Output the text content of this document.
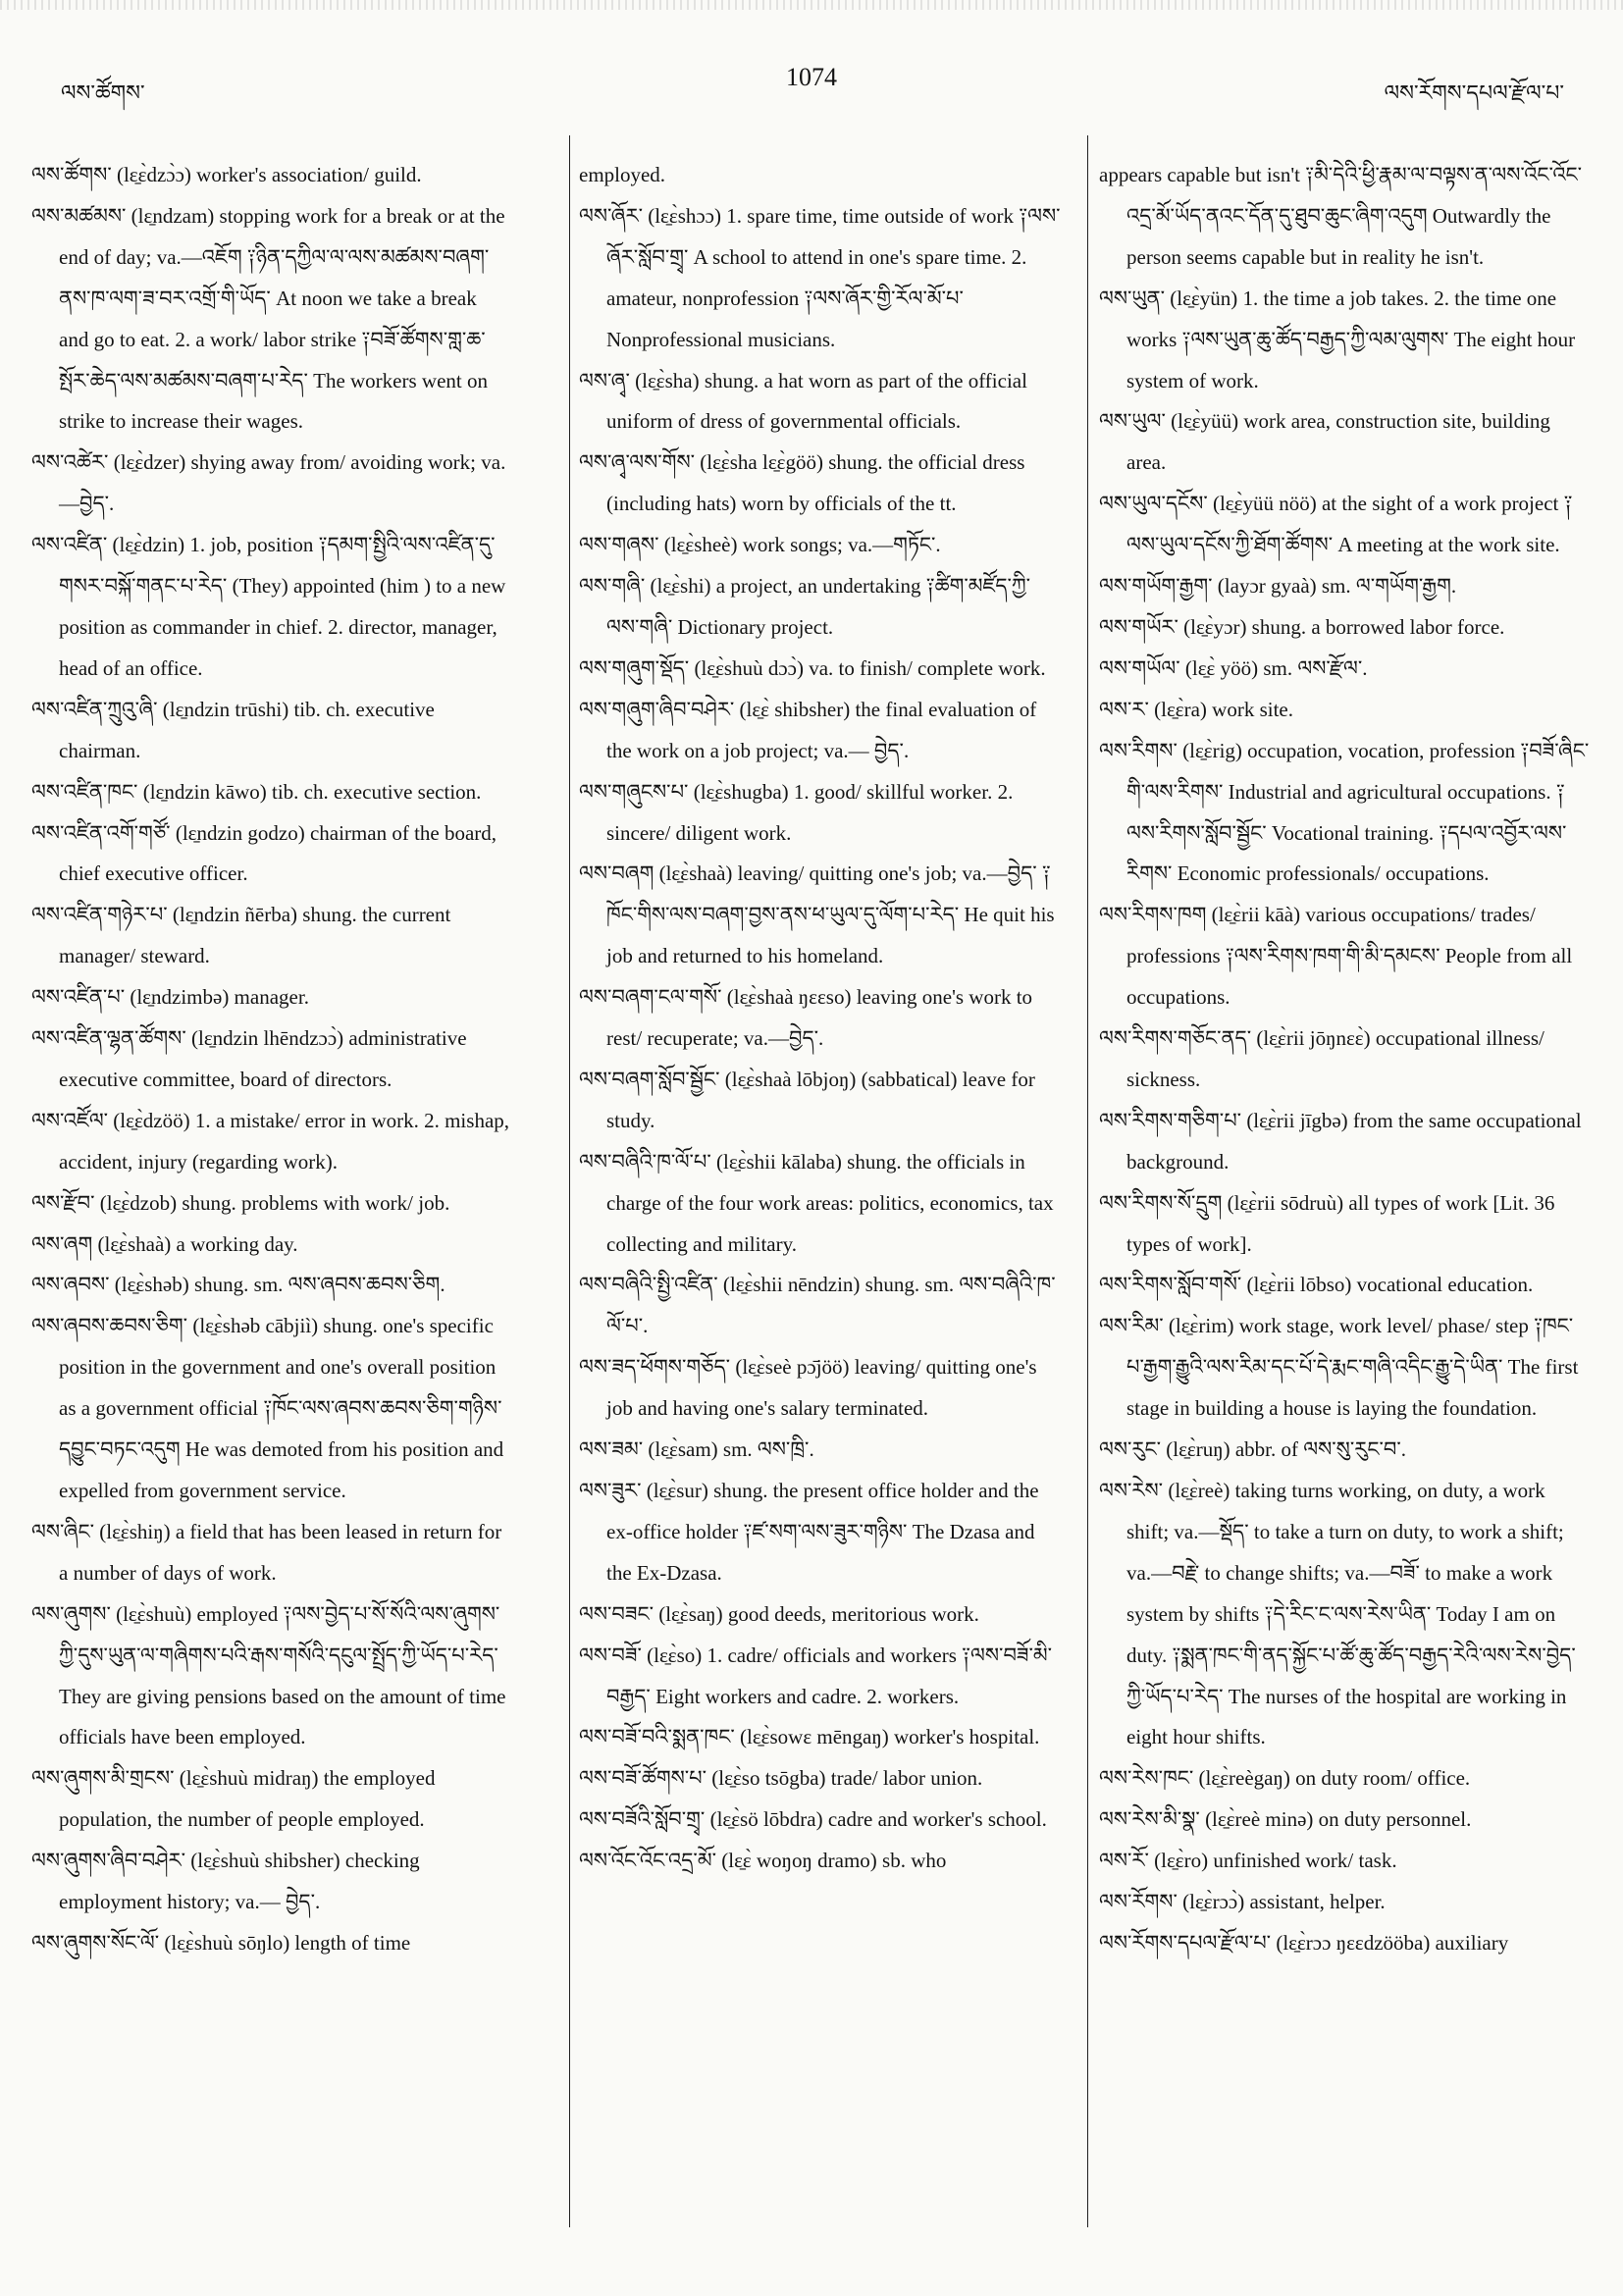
ལས་ཚོགས་
1074
ལས་རོགས་དཔལ་རྫོལ་པ་

ལས་ཚོགས་ (lɛ̱ɛ̀dzɔ̀ɔ) worker's association/ guild.

ལས་མཚམས་ (lɛ̱ndzam) stopping work for a break or at the end of day; va.—འཇོག ༑ཉིན་དཀྱིལ་ལ་ལས་མཚམས་བཞག་ནས་ཁ་ལག་ཟ་བར་འགྲོ་གི་ཡོད་ At noon we take a break and go to eat. 2. a work/ labor strike ༑བཟོ་ཚོགས་གླ་ཆ་སྤོར་ཆེད་ལས་མཚམས་བཞག་པ་རེད་ The workers went on strike to increase their wages.

ལས་འཚེར་ (lɛ̱ɛ̀dzer) shying away from/ avoiding work; va.—བྱེད་.

ལས་འཛིན་ (lɛ̱ɛ̀dzin) 1. job, position ༑དམག་སྤྱིའི་ལས་འཛིན་དུ་གསར་བསྐོ་གནང་པ་རེད་ (They) appointed (him ) to a new position as commander in chief. 2. director, manager, head of an office.

ལས་འཛིན་ཀྲུའུ་ཞི་ (lɛ̱ndzin trūshi) tib. ch. executive chairman.

ལས་འཛིན་ཁང་ (lɛ̱ndzin kāwo) tib. ch. executive section.

ལས་འཛིན་འགོ་གཙོ་ (lɛ̱ndzin godzo) chairman of the board, chief executive officer.

ལས་འཛིན་གཉེར་པ་ (lɛ̱ndzin ñērba) shung. the current manager/ steward.

ལས་འཛིན་པ་ (lɛ̱ndzimbə) manager.

ལས་འཛིན་ལྷན་ཚོགས་ (lɛ̱ndzin lhēndzɔɔ̀) administrative executive committee, board of directors.

ལས་འཛོལ་ (lɛ̱ɛ̀dzöö) 1. a mistake/ error in work. 2. mishap, accident, injury (regarding work).

ལས་རྫོབ་ (lɛ̱ɛ̀dzob) shung. problems with work/ job.

ལས་ཞག (lɛ̱ɛ̀shaà) a working day.

ལས་ཞབས་ (lɛ̱ɛ̀shəb) shung. sm. ལས་ཞབས་ཆབས་ཅིག.

ལས་ཞབས་ཆབས་ཅིག་ (lɛ̱ɛ̀shəb cābjiì) shung. one's specific position in the government and one's overall position as a government official ༑ཁོང་ལས་ཞབས་ཆབས་ཅིག་གཉིས་དབྱུང་བཏང་འདུག He was demoted from his position and expelled from government service.

ལས་ཞིང་ (lɛ̱ɛ̀shiŋ) a field that has been leased in return for a number of days of work.

ལས་ཞུགས་ (lɛ̱ɛ̀shuù) employed ༑ལས་བྱེད་པ་སོ་སོའི་ལས་ཞུགས་ཀྱི་དུས་ཡུན་ལ་གཞིགས་པའི་རྒས་གསོའི་དངུལ་སྤྲོད་ཀྱི་ཡོད་པ་རེད་ They are giving pensions based on the amount of time officials have been employed.

ལས་ཞུགས་མི་གྲངས་ (lɛ̱ɛ̀shuù midraŋ) the employed population, the number of people employed.

ལས་ཞུགས་ཞིབ་བཤེར་ (lɛ̱ɛ̀shuù shibsher) checking employment history; va.— བྱེད་.

ལས་ཞུགས་སོང་ལོ་ (lɛ̱ɛ̀shuù sōŋlo) length of time

employed.

ལས་ཞོར་ (lɛ̱ɛ̀shɔɔ) 1. spare time, time outside of work ༑ལས་ཞོར་སློབ་གྲྭ་ A school to attend in one's spare time. 2. amateur, nonprofession ༑ལས་ཞོར་གྱི་རོལ་མོ་པ་ Nonprofessional musicians.

ལས་ཞྭ་ (lɛ̱ɛ̀sha) shung. a hat worn as part of the official uniform of dress of governmental officials.

ལས་ཞྭ་ལས་གོས་ (lɛ̱ɛ̀sha lɛ̱ɛ̀göö) shung. the official dress (including hats) worn by officials of the tt.

ལས་གཞས་ (lɛ̱ɛ̀sheè) work songs; va.—གཏོང་.

ལས་གཞི་ (lɛ̱ɛ̀shi) a project, an undertaking ༑ཚིག་མཛོད་ཀྱི་ལས་གཞི་ Dictionary project.

ལས་གཞུག་སྡོད་ (lɛ̱ɛ̀shuù dɔɔ̀) va. to finish/ complete work.

ལས་གཞུག་ཞིབ་བཤེར་ (lɛ̱ɛ̀ shibsher) the final evaluation of the work on a job project; va.— བྱེད་.

ལས་གཞུངས་པ་ (lɛ̱ɛ̀shugba) 1. good/ skillful worker. 2. sincere/ diligent work.

ལས་བཞག (lɛ̱ɛ̀shaà) leaving/ quitting one's job; va.—བྱེད་ ༑ཁོང་གིས་ལས་བཞག་བྱས་ནས་ཕ་ཡུལ་དུ་ལོག་པ་རེད་ He quit his job and returned to his homeland.

ལས་བཞག་ངལ་གསོ་ (lɛ̱ɛ̀shaà ŋɛɛso) leaving one's work to rest/ recuperate; va.—བྱེད་.

ལས་བཞག་སློབ་སྦྱོང་ (lɛ̱ɛ̀shaà lōbjoŋ) (sabbatical) leave for study.

ལས་བཞིའི་ཁ་ལོ་པ་ (lɛ̱ɛ̀shii kālaba) shung. the officials in charge of the four work areas: politics, economics, tax collecting and military.

ལས་བཞིའི་སྤྱི་འཛིན་ (lɛ̱ɛ̀shii nēndzin) shung. sm. ལས་བཞིའི་ཁ་ལོ་པ་.

ལས་ཟད་ཕོགས་གཅོད་ (lɛ̱ɛ̀seè pɔ̄jöö) leaving/ quitting one's job and having one's salary terminated.

ལས་ཟམ་ (lɛ̱ɛ̀sam) sm. ལས་ཁྲི་.

ལས་ཟུར་ (lɛ̱ɛ̀sur) shung. the present office holder and the ex-office holder ༑ཛ་སག་ལས་ཟུར་གཉིས་ The Dzasa and the Ex-Dzasa.

ལས་བཟང་ (lɛ̱ɛ̀saŋ) good deeds, meritorious work.

ལས་བཟོ་ (lɛ̱ɛ̀so) 1. cadre/ officials and workers ༑ལས་བཟོ་མི་བརྒྱད་ Eight workers and cadre. 2. workers.

ལས་བཟོ་བའི་སྨན་ཁང་ (lɛ̱ɛ̀sowɛ mēngaŋ) worker's hospital.

ལས་བཟོ་ཚོགས་པ་ (lɛ̱ɛ̀so tsōgba) trade/ labor union.

ལས་བཟོའི་སློབ་གྲྭ་ (lɛ̱ɛ̀sö lōbdra) cadre and worker's school.

ལས་འོང་འོང་འདྲ་མོ་ (lɛ̱ɛ̀ woŋoŋ dramo) sb. who

appears capable but isn't ༑མི་དེའི་ཕྱི་རྣམ་ལ་བལྟས་ན་ལས་འོང་འོང་འདྲ་མོ་ཡོད་ནའང་དོན་དུ་ཐུབ་ཆུང་ཞིག་འདུག Outwardly the person seems capable but in reality he isn't.

ལས་ཡུན་ (lɛ̱ɛ̀yün) 1. the time a job takes. 2. the time one works ༑ལས་ཡུན་ཆུ་ཚོད་བརྒྱད་ཀྱི་ལམ་ལུགས་ The eight hour system of work.

ལས་ཡུལ་ (lɛ̱ɛ̀yüü) work area, construction site, building area.

ལས་ཡུལ་དངོས་ (lɛ̱ɛ̀yüü nöö) at the sight of a work project ༑ལས་ཡུལ་དངོས་ཀྱི་ཐོག་ཚོགས་ A meeting at the work site.

ལས་གཡོག་རྒྱག་ (layɔr gyaà) sm. ལ་གཡོག་རྒྱག.

ལས་གཡོར་ (lɛ̱ɛ̀yɔr) shung. a borrowed labor force.

ལས་གཡོལ་ (lɛ̱ɛ̀ yöö) sm. ལས་རྫོལ་.

ལས་ར་ (lɛ̱ɛ̀ra) work site.

ལས་རིགས་ (lɛ̱ɛ̀rig) occupation, vocation, profession ༑བཟོ་ཞིང་གི་ལས་རིགས་ Industrial and agricultural occupations. ༑ ལས་རིགས་སློབ་སྦྱོང་ Vocational training. ༑དཔལ་འབྱོར་ལས་རིགས་ Economic professionals/ occupations.

ལས་རིགས་ཁག (lɛ̱ɛ̀rii kāà) various occupations/ trades/ professions ༑ལས་རིགས་ཁག་གི་མི་དམངས་ People from all occupations.

ལས་རིགས་གཅོང་ནད་ (lɛ̱ɛ̀rii jōŋnɛɛ̀) occupational illness/ sickness.

ལས་རིགས་གཅིག་པ་ (lɛ̱ɛ̀rii jīgbə) from the same occupational background.

ལས་རིགས་སོ་དྲུག (lɛ̱ɛ̀rii sōdruù) all types of work [Lit. 36 types of work].

ལས་རིགས་སློབ་གསོ་ (lɛ̱ɛ̀rii lōbso) vocational education.

ལས་རིམ་ (lɛ̱ɛ̀rim) work stage, work level/ phase/ step ༑ཁང་པ་རྒྱག་རྒྱུའི་ལས་རིམ་དང་པོ་དེ་རྨང་གཞི་འདིང་རྒྱུ་དེ་ཡིན་ The first stage in building a house is laying the foundation.

ལས་རུང་ (lɛ̱ɛ̀ruŋ) abbr. of ལས་སུ་རུང་བ་.

ལས་རེས་ (lɛ̱ɛ̀reè) taking turns working, on duty, a work shift; va.—སྡོད་ to take a turn on duty, to work a shift; va.—བརྗེ་ to change shifts; va.—བཟོ་ to make a work system by shifts ༑དེ་རིང་ང་ལས་རེས་ཡིན་ Today I am on duty. ༑སྨན་ཁང་གི་ནད་སྐྱོང་པ་ཚོ་ཆུ་ཚོད་བརྒྱད་རེའི་ལས་རེས་བྱེད་ཀྱི་ཡོད་པ་རེད་ The nurses of the hospital are working in eight hour shifts.

ལས་རེས་ཁང་ (lɛ̱ɛ̀reègaŋ) on duty room/ office.

ལས་རེས་མི་སྣ་ (lɛ̱ɛ̀reè minə) on duty personnel.

ལས་རོ་ (lɛ̱ɛ̀ro) unfinished work/ task.

ལས་རོགས་ (lɛ̱ɛ̀rɔɔ̀) assistant, helper.

ལས་རོགས་དཔལ་རྫོལ་པ་ (lɛ̱ɛ̀rɔɔ ŋɛɛdzööba) auxiliary
